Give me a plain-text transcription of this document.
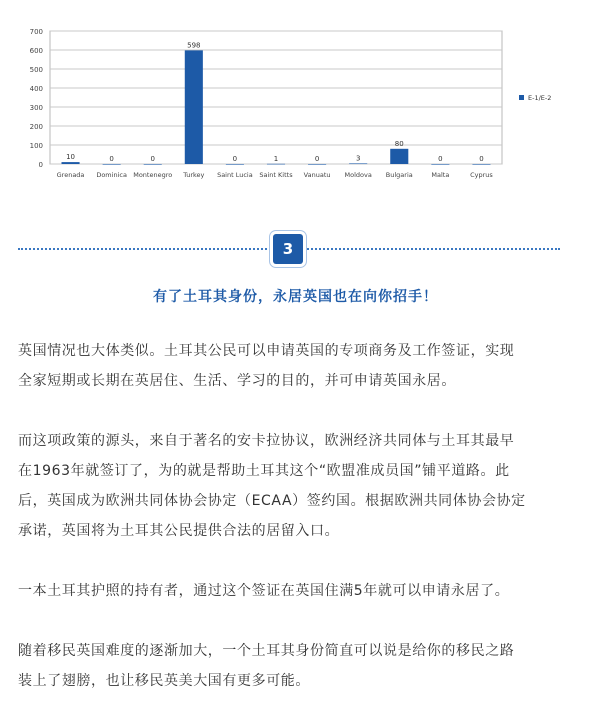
0
100
200
300
400
500
600
700
10
Grenada
0
Dominica
0
Montenegro
598
Turkey
0
Saint Lucia
1
Saint Kitts
0
Vanuatu
3
Moldova
80
Bulgaria
0
Malta
0
Cyprus
E-1/E-2
3
有了土耳其身份，永居英国也在向你招手！
英国情况也大体类似。土耳其公民可以申请英国的专项商务及工作签证，实现
全家短期或长期在英居住、生活、学习的目的，并可申请英国永居。
而这项政策的源头，来自于著名的安卡拉协议，欧洲经济共同体与土耳其最早
在1963年就签订了，为的就是帮助土耳其这个“欧盟准成员国”铺平道路。此
后，英国成为欧洲共同体协会协定（ECAA）签约国。根据欧洲共同体协会协定
承诺，英国将为土耳其公民提供合法的居留入口。
一本土耳其护照的持有者，通过这个签证在英国住满5年就可以申请永居了。
随着移民英国难度的逐渐加大，一个土耳其身份简直可以说是给你的移民之路
装上了翅膀，也让移民英美大国有更多可能。
